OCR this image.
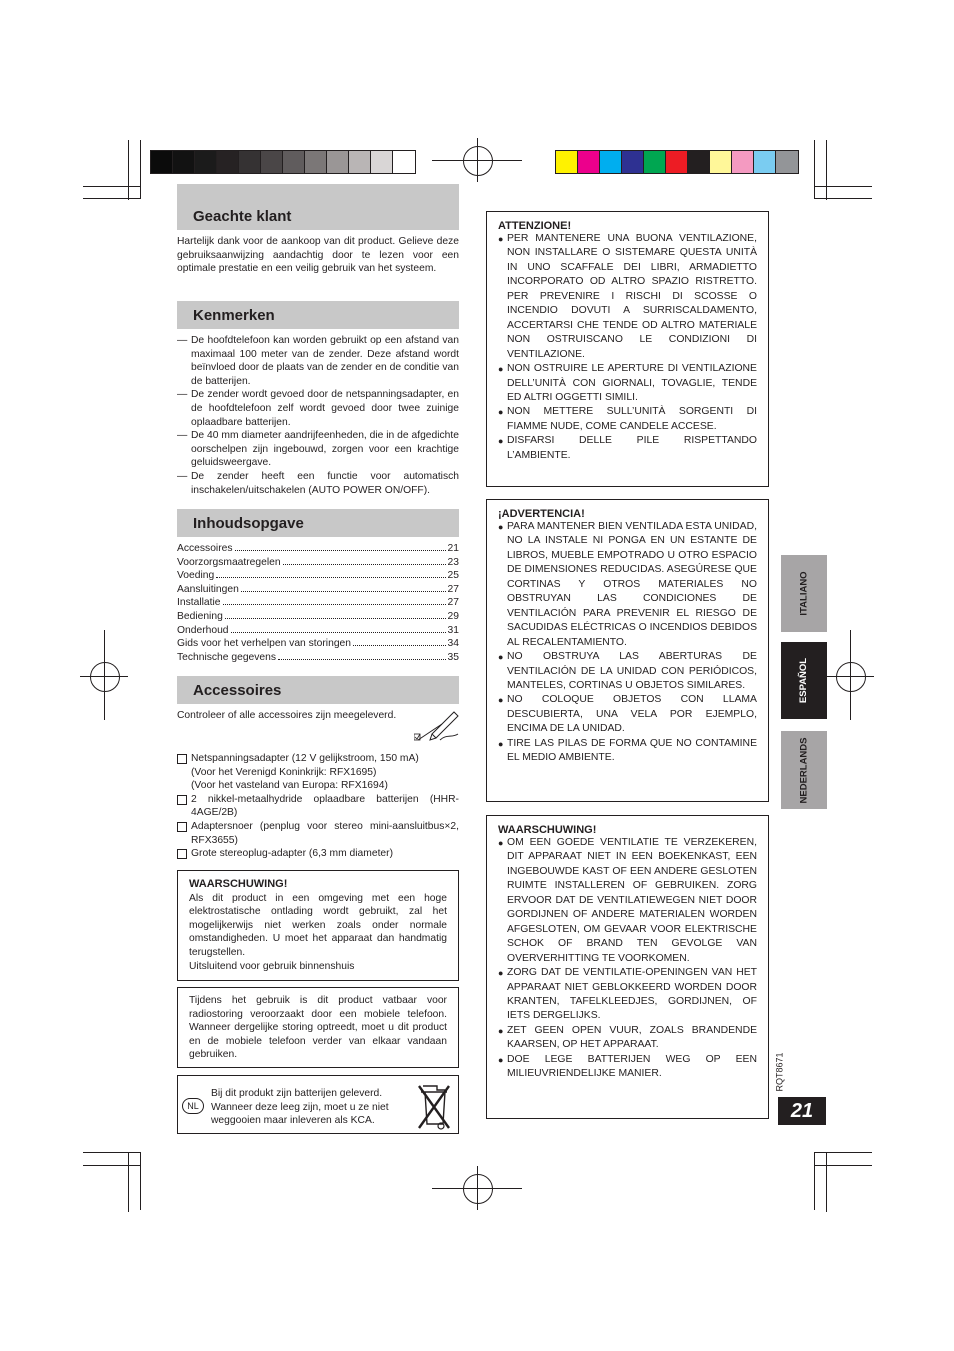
Geachte klant

Hartelijk dank voor de aankoop van dit product. Gelieve deze gebruiksaanwijzing aandachtig door te lezen voor een optimale prestatie en een veilig gebruik van het systeem.

Kenmerken
— De hoofdtelefoon kan worden gebruikt op een afstand van maximaal 100 meter van de zender. Deze afstand wordt beïnvloed door de plaats van de zender en de conditie van de batterijen.
— De zender wordt gevoed door de netspanningsadapter, en de hoofdtelefoon zelf wordt gevoed door twee zuinige oplaadbare batterijen.
— De 40 mm diameter aandrijfeenheden, die in de afgedichte oorschelpen zijn ingebouwd, zorgen voor een krachtige geluidsweergave.
— De zender heeft een functie voor automatisch inschakelen/uitschakelen (AUTO POWER ON/OFF).
Inhoudsopgave
Accessoires	21
Voorzorgsmaatregelen	23
Voeding	25
Aansluitingen	27
Installatie	27
Bediening	29
Onderhoud	31
Gids voor het verhelpen van storingen	34
Technische gegevens	35
Accessoires

Controleer of alle accessoires zijn meegeleverd.

Netspanningsadapter (12 V gelijkstroom, 150 mA)
(Voor het Verenigd Koninkrijk: RFX1695)
(Voor het vasteland van Europa: RFX1694)
2 nikkel-metaalhydride oplaadbare batterijen (HHR-4AGE/2B)
Adaptersnoer (penplug voor stereo mini-aansluitbus×2, RFX3655)
Grote stereoplug-adapter (6,3 mm diameter)
WAARSCHUWING!

Als dit product in een omgeving met een hoge elektrostatische ontlading wordt gebruikt, zal het mogelijkerwijs niet werken zoals onder normale omstandigheden. U moet het apparaat dan handmatig terugstellen.

Uitsluitend voor gebruik binnenshuis

Tijdens het gebruik is dit product vatbaar voor radiostoring veroorzaakt door een mobiele telefoon. Wanneer dergelijke storing optreedt, moet u dit product en de mobiele telefoon verder van elkaar vandaan gebruiken.

NL
Bij dit produkt zijn batterijen geleverd. Wanneer deze leeg zijn, moet u ze niet weggooien maar inleveren als KCA.
ATTENZIONE!
● PER MANTENERE UNA BUONA VENTILAZIONE, NON INSTALLARE O SISTEMARE QUESTA UNITÀ IN UNO SCAFFALE DEI LIBRI, ARMADIETTO INCORPORATO OD ALTRO SPAZIO RISTRETTO. PER PREVENIRE I RISCHI DI SCOSSE O INCENDIO DOVUTI A SURRISCALDAMENTO, ACCERTARSI CHE TENDE OD ALTRO MATERIALE NON OSTRUISCANO LE CONDIZIONI DI VENTILAZIONE.
● NON OSTRUIRE LE APERTURE DI VENTILAZIONE DELL’UNITÀ CON GIORNALI, TOVAGLIE, TENDE ED ALTRI OGGETTI SIMILI.
● NON METTERE SULL’UNITÀ SORGENTI DI FIAMME NUDE, COME CANDELE ACCESE.
● DISFARSI DELLE PILE RISPETTANDO L’AMBIENTE.
¡ADVERTENCIA!
● PARA MANTENER BIEN VENTILADA ESTA UNIDAD, NO LA INSTALE NI PONGA EN UN ESTANTE DE LIBROS, MUEBLE EMPOTRADO U OTRO ESPACIO DE DIMENSIONES REDUCIDAS. ASEGÚRESE QUE CORTINAS Y OTROS MATERIALES NO OBSTRUYAN LAS CONDICIONES DE VENTILACIÓN PARA PREVENIR EL RIESGO DE SACUDIDAS ELÉCTRICAS O INCENDIOS DEBIDOS AL RECALENTAMIENTO.
● NO OBSTRUYA LAS ABERTURAS DE VENTILACIÓN DE LA UNIDAD CON PERIÓDICOS, MANTELES, CORTINAS U OBJETOS SIMILARES.
● NO COLOQUE OBJETOS CON LLAMA DESCUBIERTA, UNA VELA POR EJEMPLO, ENCIMA DE LA UNIDAD.
● TIRE LAS PILAS DE FORMA QUE NO CONTAMINE EL MEDIO AMBIENTE.
WAARSCHUWING!
● OM EEN GOEDE VENTILATIE TE VERZEKEREN, DIT APPARAAT NIET IN EEN BOEKENKAST, EEN INGEBOUWDE KAST OF EEN ANDERE GESLOTEN RUIMTE INSTALLEREN OF GEBRUIKEN. ZORG ERVOOR DAT DE VENTILATIEWEGEN NIET DOOR GORDIJNEN OF ANDERE MATERIALEN WORDEN AFGESLOTEN, OM GEVAAR VOOR ELEKTRISCHE SCHOK OF BRAND TEN GEVOLGE VAN OVERVERHITTING TE VOORKOMEN.
● ZORG DAT DE VENTILATIE-OPENINGEN VAN HET APPARAAT NIET GEBLOKKEERD WORDEN DOOR KRANTEN, TAFELKLEEDJES, GORDIJNEN, OF IETS DERGELIJKS.
● ZET GEEN OPEN VUUR, ZOALS BRANDENDE KAARSEN, OP HET APPARAAT.
● DOE LEGE BATTERIJEN WEG OP EEN MILIEUVRIENDELIJKE MANIER.
ITALIANO
ESPAÑOL
NEDERLANDS
RQT8671
21
